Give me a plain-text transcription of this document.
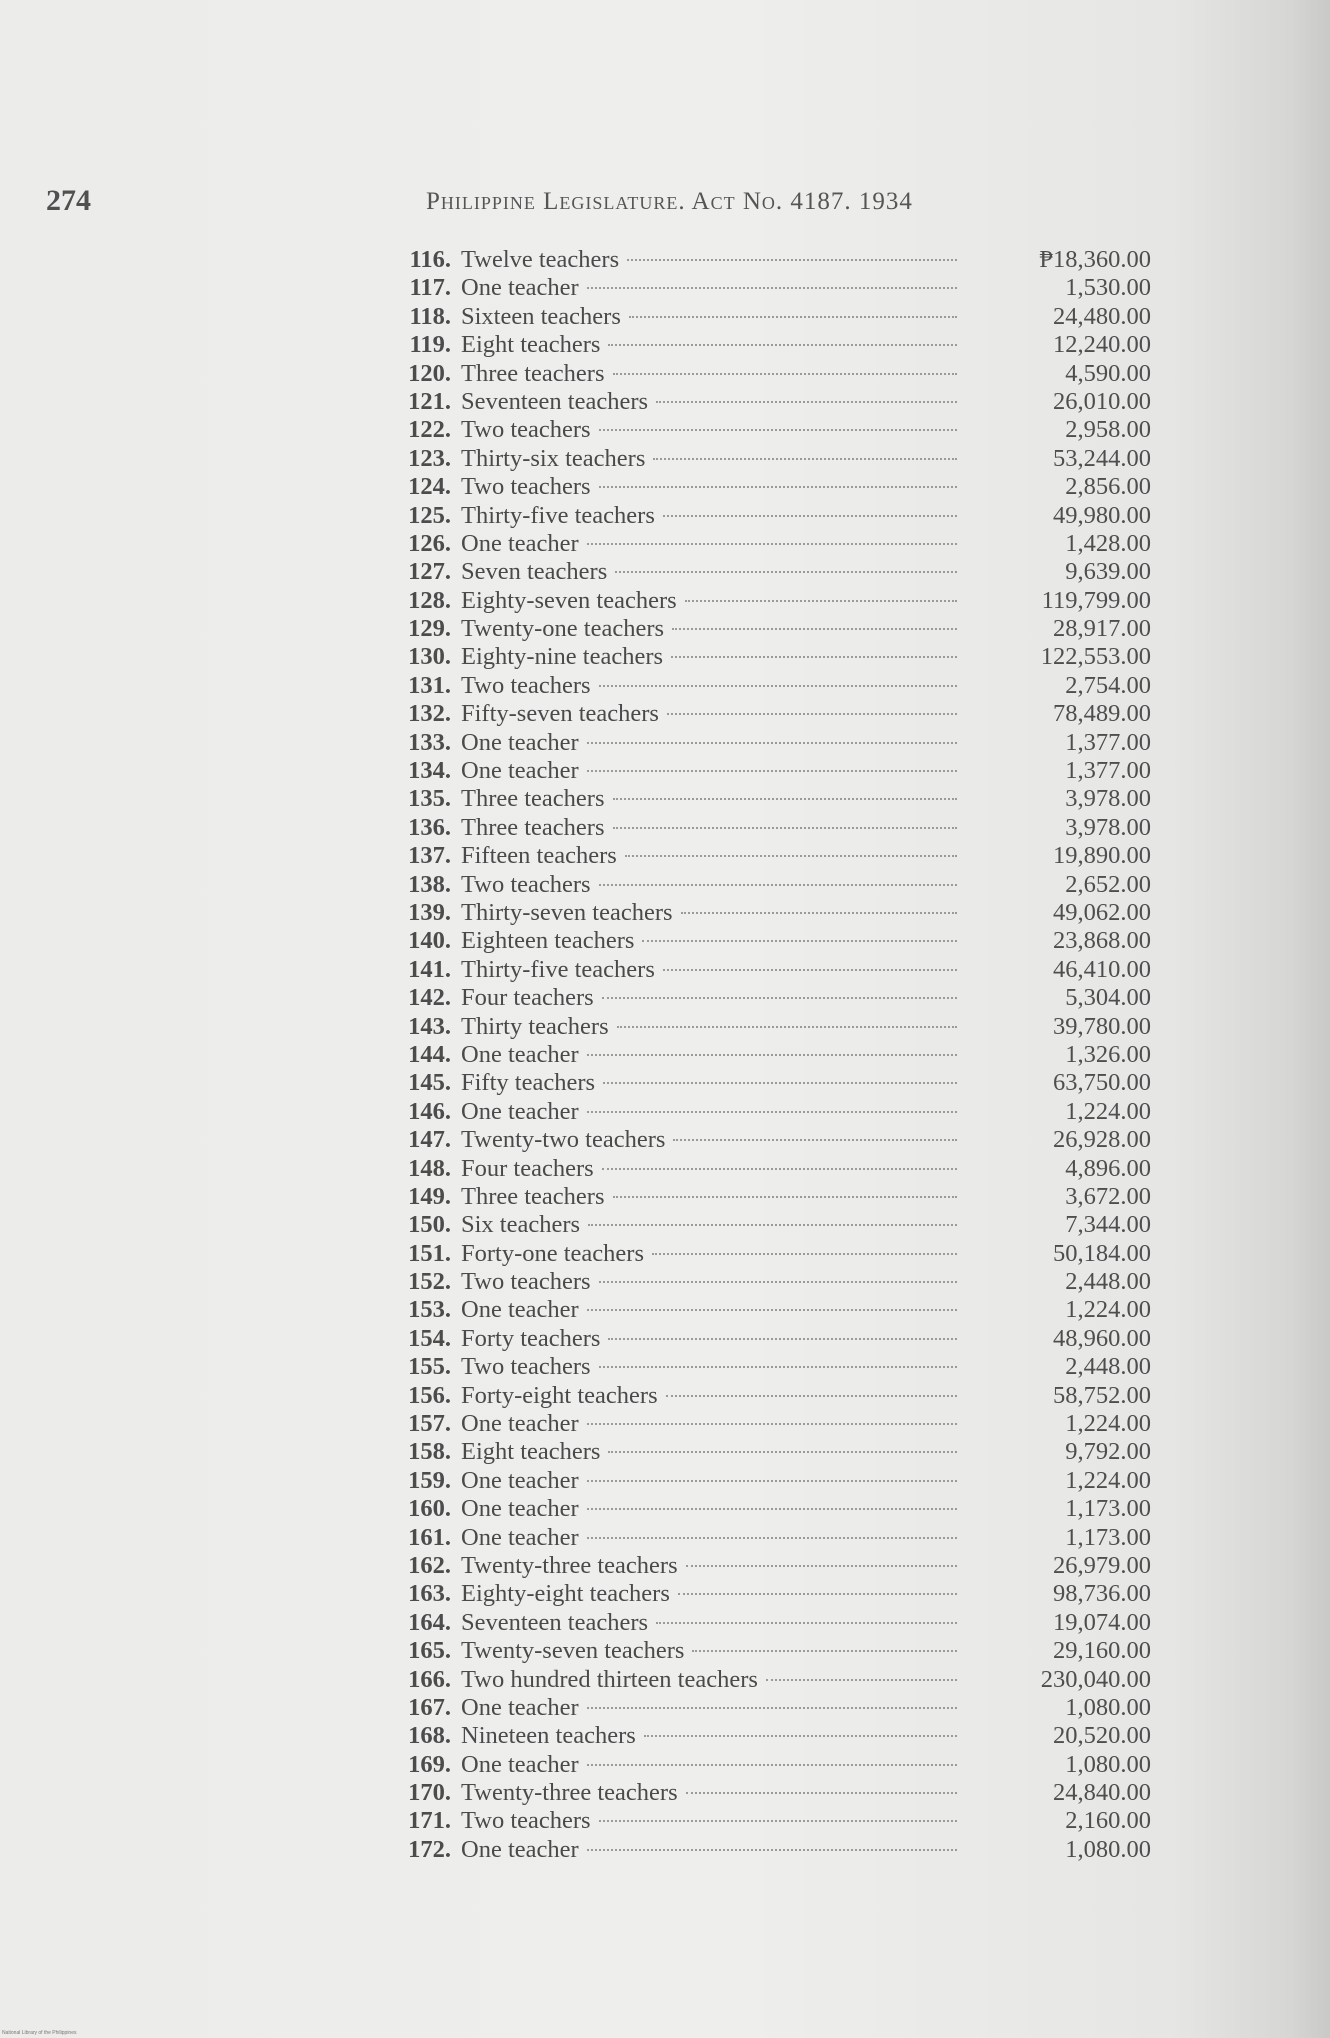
274	Philippine Legislature. Act No. 4187. 1934
116. Twelve teachers	₱18,360.00
117. One teacher	1,530.00
118. Sixteen teachers	24,480.00
119. Eight teachers	12,240.00
120. Three teachers	4,590.00
121. Seventeen teachers	26,010.00
122. Two teachers	2,958.00
123. Thirty-six teachers	53,244.00
124. Two teachers	2,856.00
125. Thirty-five teachers	49,980.00
126. One teacher	1,428.00
127. Seven teachers	9,639.00
128. Eighty-seven teachers	119,799.00
129. Twenty-one teachers	28,917.00
130. Eighty-nine teachers	122,553.00
131. Two teachers	2,754.00
132. Fifty-seven teachers	78,489.00
133. One teacher	1,377.00
134. One teacher	1,377.00
135. Three teachers	3,978.00
136. Three teachers	3,978.00
137. Fifteen teachers	19,890.00
138. Two teachers	2,652.00
139. Thirty-seven teachers	49,062.00
140. Eighteen teachers	23,868.00
141. Thirty-five teachers	46,410.00
142. Four teachers	5,304.00
143. Thirty teachers	39,780.00
144. One teacher	1,326.00
145. Fifty teachers	63,750.00
146. One teacher	1,224.00
147. Twenty-two teachers	26,928.00
148. Four teachers	4,896.00
149. Three teachers	3,672.00
150. Six teachers	7,344.00
151. Forty-one teachers	50,184.00
152. Two teachers	2,448.00
153. One teacher	1,224.00
154. Forty teachers	48,960.00
155. Two teachers	2,448.00
156. Forty-eight teachers	58,752.00
157. One teacher	1,224.00
158. Eight teachers	9,792.00
159. One teacher	1,224.00
160. One teacher	1,173.00
161. One teacher	1,173.00
162. Twenty-three teachers	26,979.00
163. Eighty-eight teachers	98,736.00
164. Seventeen teachers	19,074.00
165. Twenty-seven teachers	29,160.00
166. Two hundred thirteen teachers	230,040.00
167. One teacher	1,080.00
168. Nineteen teachers	20,520.00
169. One teacher	1,080.00
170. Twenty-three teachers	24,840.00
171. Two teachers	2,160.00
172. One teacher	1,080.00
National Library of the Philippines
